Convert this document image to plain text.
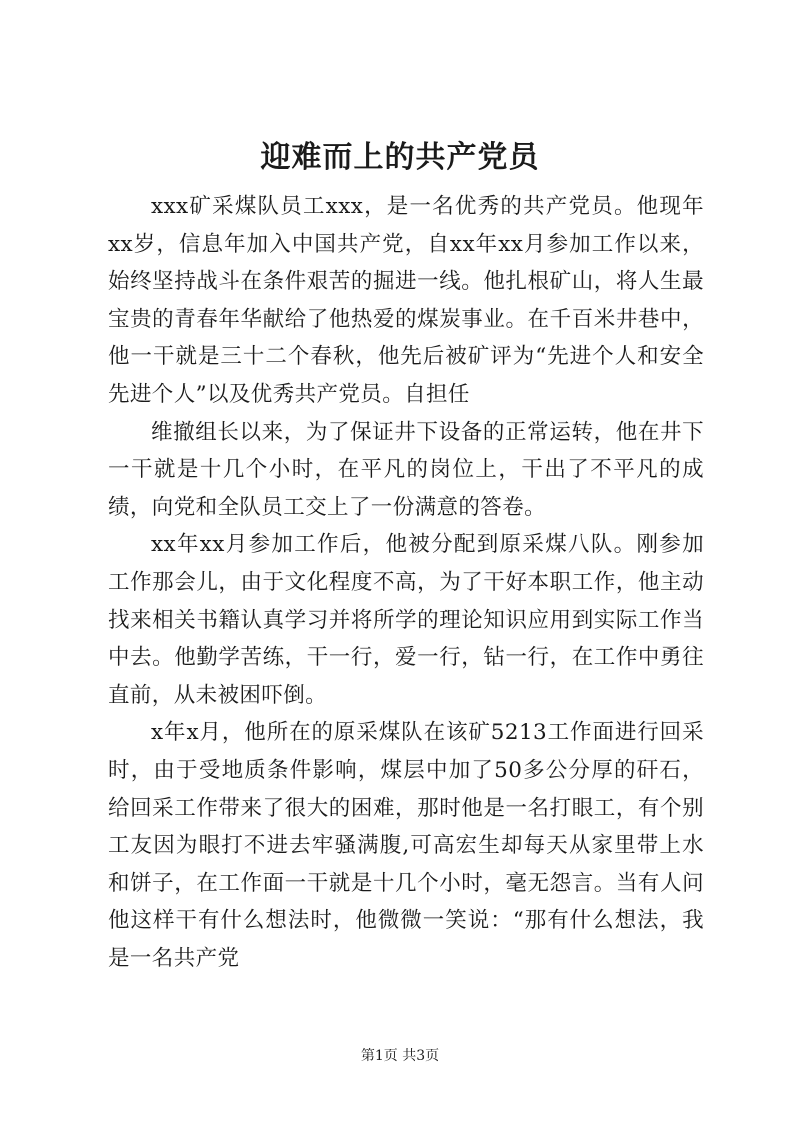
迎难而上的共产党员

xxx矿采煤队员工xxx，是一名优秀的共产党员。他现年xx岁，信息年加入中国共产党，自xx年xx月参加工作以来，始终坚持战斗在条件艰苦的掘进一线。他扎根矿山，将人生最宝贵的青春年华献给了他热爱的煤炭事业。在千百米井巷中，他一干就是三十二个春秋，他先后被矿评为“先进个人和安全先进个人”以及优秀共产党员。自担任

维撤组长以来，为了保证井下设备的正常运转，他在井下一干就是十几个小时，在平凡的岗位上，干出了不平凡的成绩，向党和全队员工交上了一份满意的答卷。

xx年xx月参加工作后，他被分配到原采煤八队。刚参加工作那会儿，由于文化程度不高，为了干好本职工作，他主动找来相关书籍认真学习并将所学的理论知识应用到实际工作当中去。他勤学苦练，干一行，爱一行，钻一行，在工作中勇往直前，从未被困吓倒。

x年x月，他所在的原采煤队在该矿5213工作面进行回采时，由于受地质条件影响，煤层中加了50多公分厚的矸石，给回采工作带来了很大的困难，那时他是一名打眼工，有个别工友因为眼打不进去牢骚满腹,可高宏生却每天从家里带上水和饼子，在工作面一干就是十几个小时，毫无怨言。当有人问他这样干有什么想法时，他微微一笑说：“那有什么想法，我是一名共产党

第1页 共3页
